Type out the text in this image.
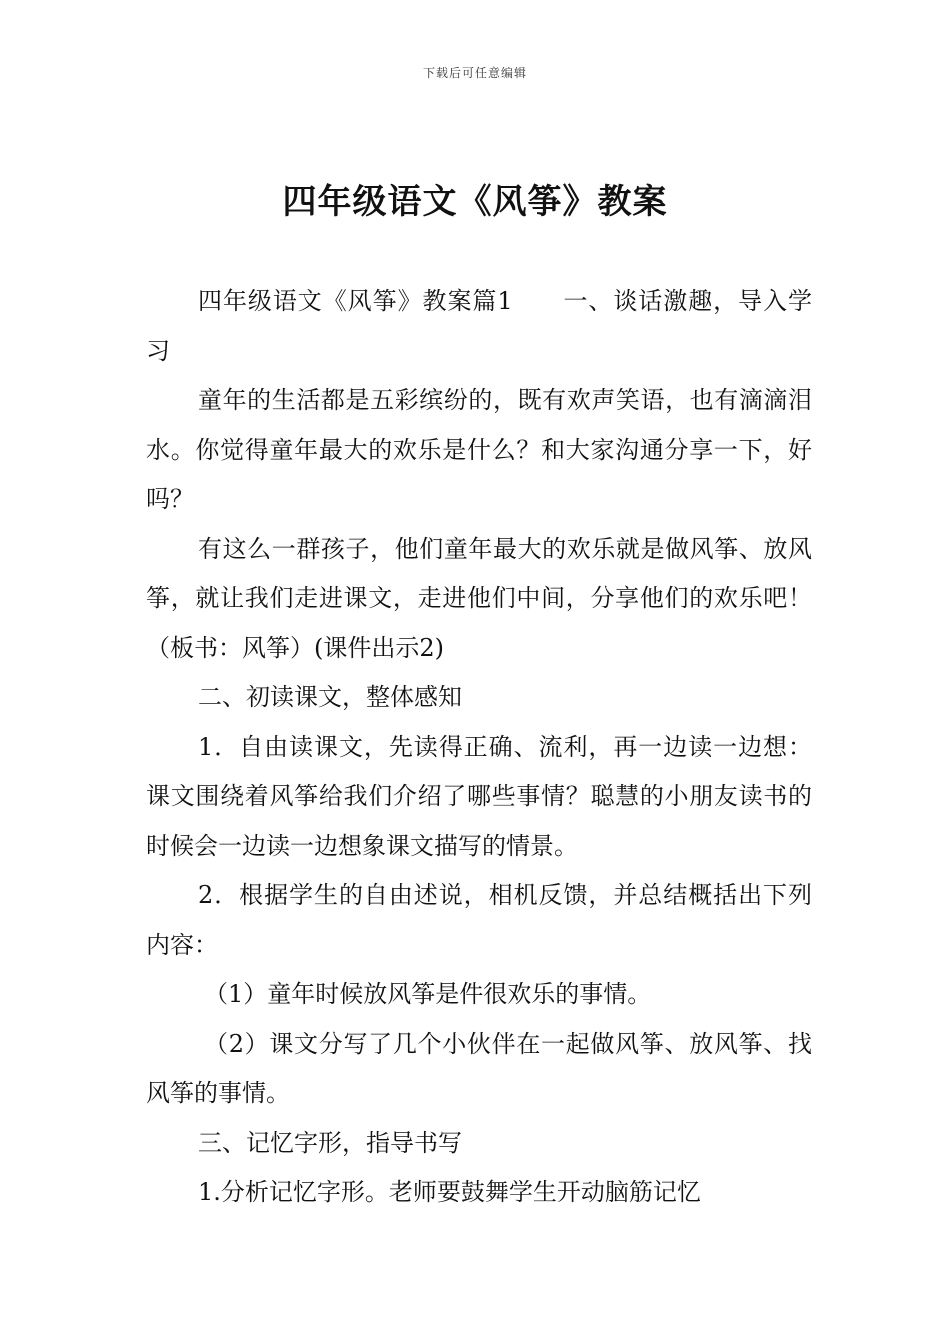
下载后可任意编辑
四年级语文《风筝》教案

四年级语文《风筝》教案篇1　　一、谈话激趣，导入学习

童年的生活都是五彩缤纷的，既有欢声笑语，也有滴滴泪水。你觉得童年最大的欢乐是什么？和大家沟通分享一下，好吗？

有这么一群孩子，他们童年最大的欢乐就是做风筝、放风筝，就让我们走进课文，走进他们中间，分享他们的欢乐吧！（板书：风筝）(课件出示2)

二、初读课文，整体感知

1．自由读课文，先读得正确、流利，再一边读一边想：课文围绕着风筝给我们介绍了哪些事情？聪慧的小朋友读书的时候会一边读一边想象课文描写的情景。

2．根据学生的自由述说，相机反馈，并总结概括出下列内容：

（1）童年时候放风筝是件很欢乐的事情。

（2）课文分写了几个小伙伴在一起做风筝、放风筝、找风筝的事情。

三、记忆字形，指导书写

1.分析记忆字形。老师要鼓舞学生开动脑筋记忆
